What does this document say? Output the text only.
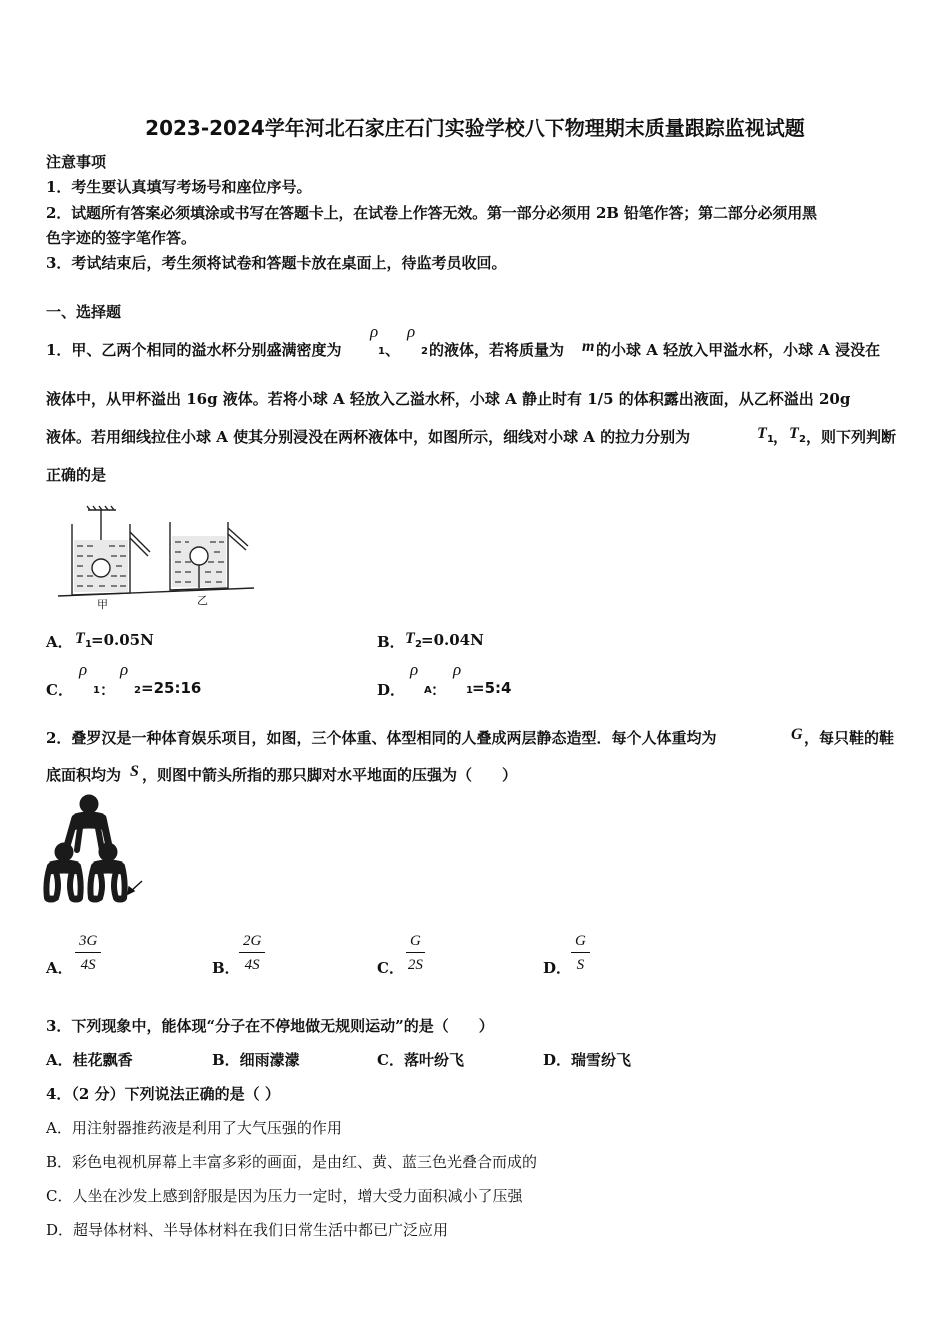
2023-2024学年河北石家庄石门实验学校八下物理期末质量跟踪监视试题
注意事项
1．考生要认真填写考场号和座位序号。
2．试题所有答案必须填涂或书写在答题卡上，在试卷上作答无效。第一部分必须用 2B 铅笔作答；第二部分必须用黑
色字迹的签字笔作答。
3．考试结束后，考生须将试卷和答题卡放在桌面上，待监考员收回。
一、选择题
1．甲、乙两个相同的溢水杯分别盛满密度为
ρ
1 、
ρ
2 的液体，若将质量为 m 的小球 A 轻放入甲溢水杯，小球 A 浸没在
液体中，从甲杯溢出 16g 液体。若将小球 A 轻放入乙溢水杯，小球 A 静止时有 1/5 的体积露出液面，从乙杯溢出 20g
液体。若用细线拉住小球 A 使其分别浸没在两杯液体中，如图所示，细线对小球 A 的拉力分别为	T 1 ， T 2 ，则下列判断
正确的是
甲	乙
A． T 1 =0.05N	B． T 2 =0.04N
C．
ρ
1 ：
ρ
2 =25:16	D．
ρ
A ：
ρ
1 =5:4
2．叠罗汉是一种体育娱乐项目，如图，三个体重、体型相同的人叠成两层静态造型．每个人体重均为	G ，每只鞋的鞋
底面积均为 S ，则图中箭头所指的那只脚对水平地面的压强为（　　）
A． $\frac{3G}{4S}$	B． $\frac{2G}{4S}$	C． $\frac{G}{2S}$	D． $\frac{G}{S}$
3．下列现象中，能体现“分子在不停地做无规则运动”的是（　　）
A．桂花飘香	B．细雨濛濛	C．落叶纷飞	D．瑞雪纷飞
4．（2 分）下列说法正确的是（ ）
A．用注射器推药液是利用了大气压强的作用
B．彩色电视机屏幕上丰富多彩的画面，是由红、黄、蓝三色光叠合而成的
C．人坐在沙发上感到舒服是因为压力一定时，增大受力面积减小了压强
D．超导体材料、半导体材料在我们日常生活中都已广泛应用
